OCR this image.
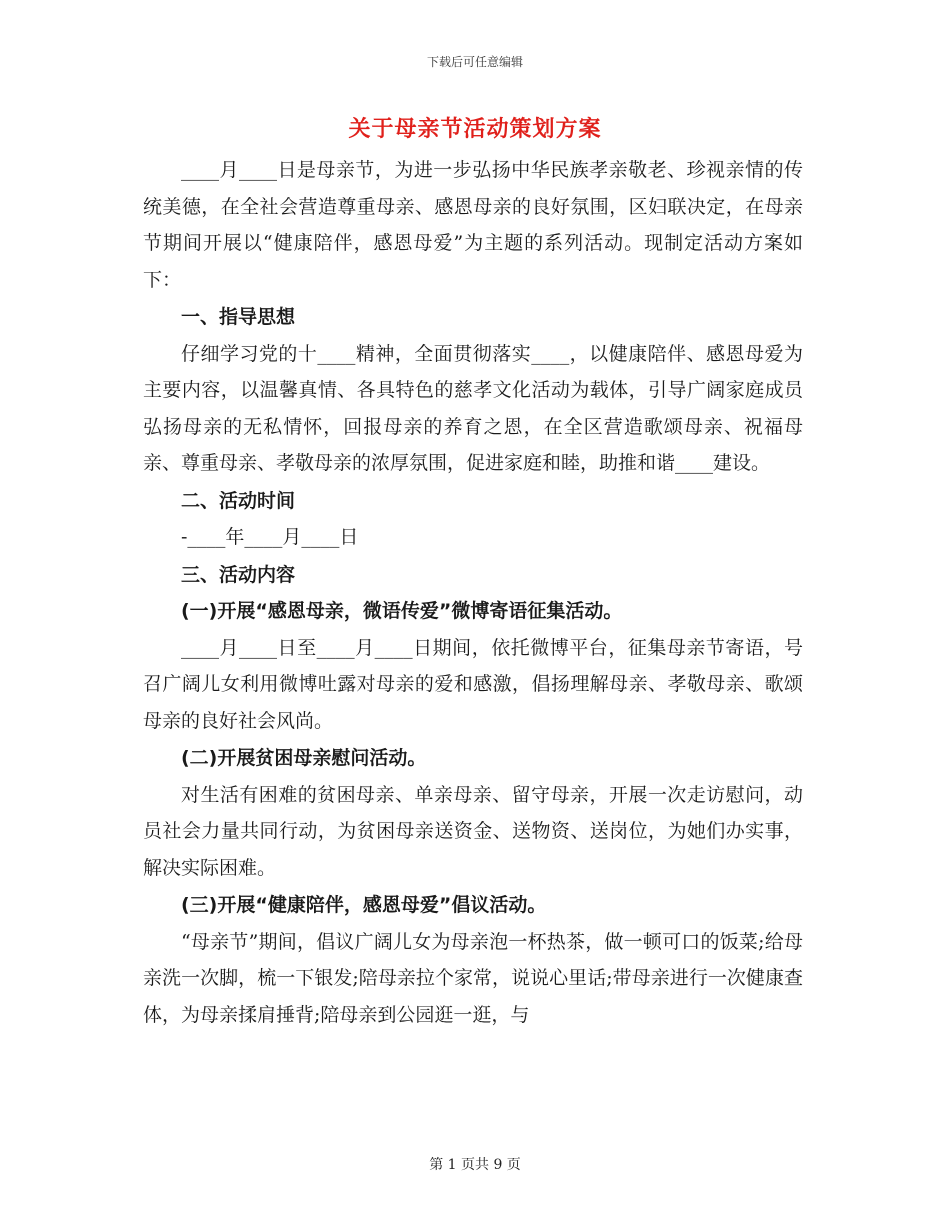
下载后可任意编辑
关于母亲节活动策划方案

____月____日是母亲节，为进一步弘扬中华民族孝亲敬老、珍视亲情的传统美德，在全社会营造尊重母亲、感恩母亲的良好氛围，区妇联决定，在母亲节期间开展以“健康陪伴，感恩母爱”为主题的系列活动。现制定活动方案如下：

一、指导思想

仔细学习党的十____精神，全面贯彻落实____，以健康陪伴、感恩母爱为主要内容，以温馨真情、各具特色的慈孝文化活动为载体，引导广阔家庭成员弘扬母亲的无私情怀，回报母亲的养育之恩，在全区营造歌颂母亲、祝福母亲、尊重母亲、孝敬母亲的浓厚氛围，促进家庭和睦，助推和谐____建设。

二、活动时间

-____年____月____日

三、活动内容

(一)开展“感恩母亲，微语传爱”微博寄语征集活动。

____月____日至____月____日期间，依托微博平台，征集母亲节寄语，号召广阔儿女利用微博吐露对母亲的爱和感激，倡扬理解母亲、孝敬母亲、歌颂母亲的良好社会风尚。

(二)开展贫困母亲慰问活动。

对生活有困难的贫困母亲、单亲母亲、留守母亲，开展一次走访慰问，动员社会力量共同行动，为贫困母亲送资金、送物资、送岗位，为她们办实事，解决实际困难。

(三)开展“健康陪伴，感恩母爱”倡议活动。

“母亲节”期间，倡议广阔儿女为母亲泡一杯热茶，做一顿可口的饭菜;给母亲洗一次脚，梳一下银发;陪母亲拉个家常，说说心里话;带母亲进行一次健康查体，为母亲揉肩捶背;陪母亲到公园逛一逛，与

第 1 页共 9 页
